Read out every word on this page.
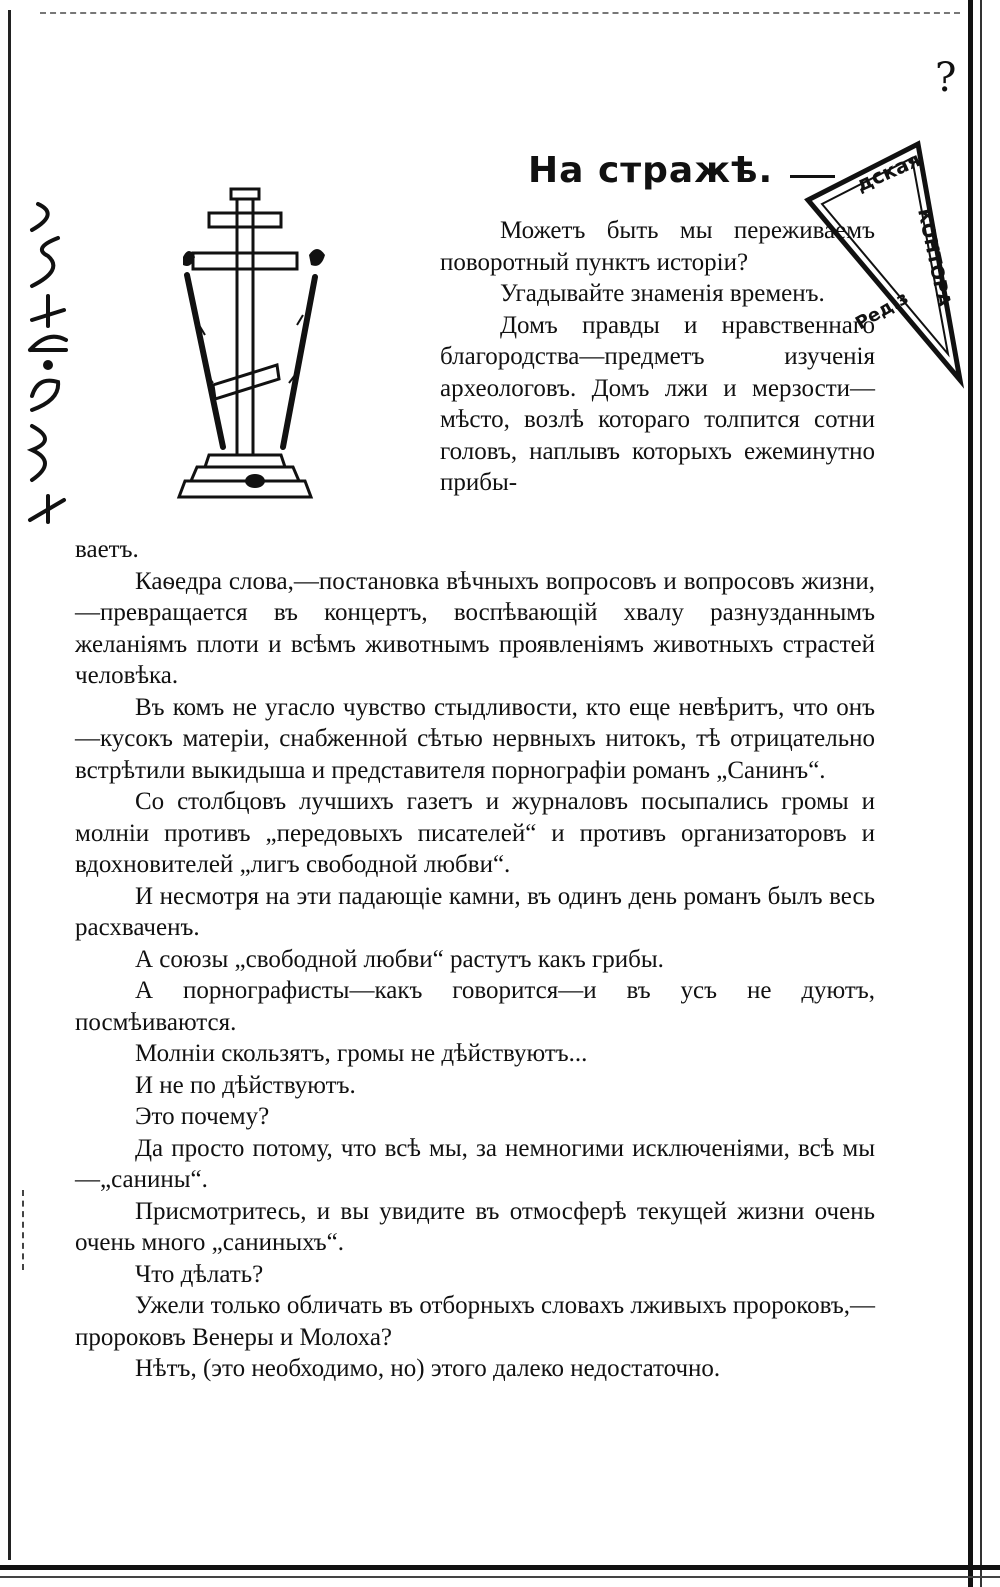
?
На стражѣ.	дская
КОНТОРА
Ред.з

Можетъ быть мы переживаемъ поворотный пунктъ исторіи?

Угадывайте знаменія временъ.

Домъ правды и нравственнаго благородства—предметъ изученія археологовъ. Домъ лжи и мерзости—мѣсто, возлѣ котораго толпится сотни головъ, наплывъ которыхъ ежеминутно прибы-

ваетъ.

Каѳедра слова,—постановка вѣчныхъ вопросовъ и вопросовъ жизни,—превращается въ концертъ, воспѣвающій хвалу разнузданнымъ желаніямъ плоти и всѣмъ животнымъ проявленіямъ животныхъ страстей человѣка.

Въ комъ не угасло чувство стыдливости, кто еще невѣритъ, что онъ—кусокъ матеріи, снабженной сѣтью нервныхъ нитокъ, тѣ отрицательно встрѣтили выкидыша и представителя порнографіи романъ „Санинъ“.

Со столбцовъ лучшихъ газетъ и журналовъ посыпались громы и молніи противъ „передовыхъ писателей“ и противъ организаторовъ и вдохновителей „лигъ свободной любви“.

И несмотря на эти падающіе камни, въ одинъ день романъ былъ весь расхваченъ.

А союзы „свободной любви“ растутъ какъ грибы.

А порнографисты—какъ говорится—и въ усъ не дуютъ, посмѣиваются.

Молніи скользятъ, громы не дѣйствуютъ...

И не по дѣйствуютъ.

Это почему?

Да просто потому, что всѣ мы, за немногими исключеніями, всѣ мы—„санины“.

Присмотритесь, и вы увидите въ отмосферѣ текущей жизни очень очень много „саниныхъ“.

Что дѣлать?

Ужели только обличать въ отборныхъ словахъ лживыхъ пророковъ,—пророковъ Венеры и Молоха?

Нѣтъ, (это необходимо, но) этого далеко недостаточно.
